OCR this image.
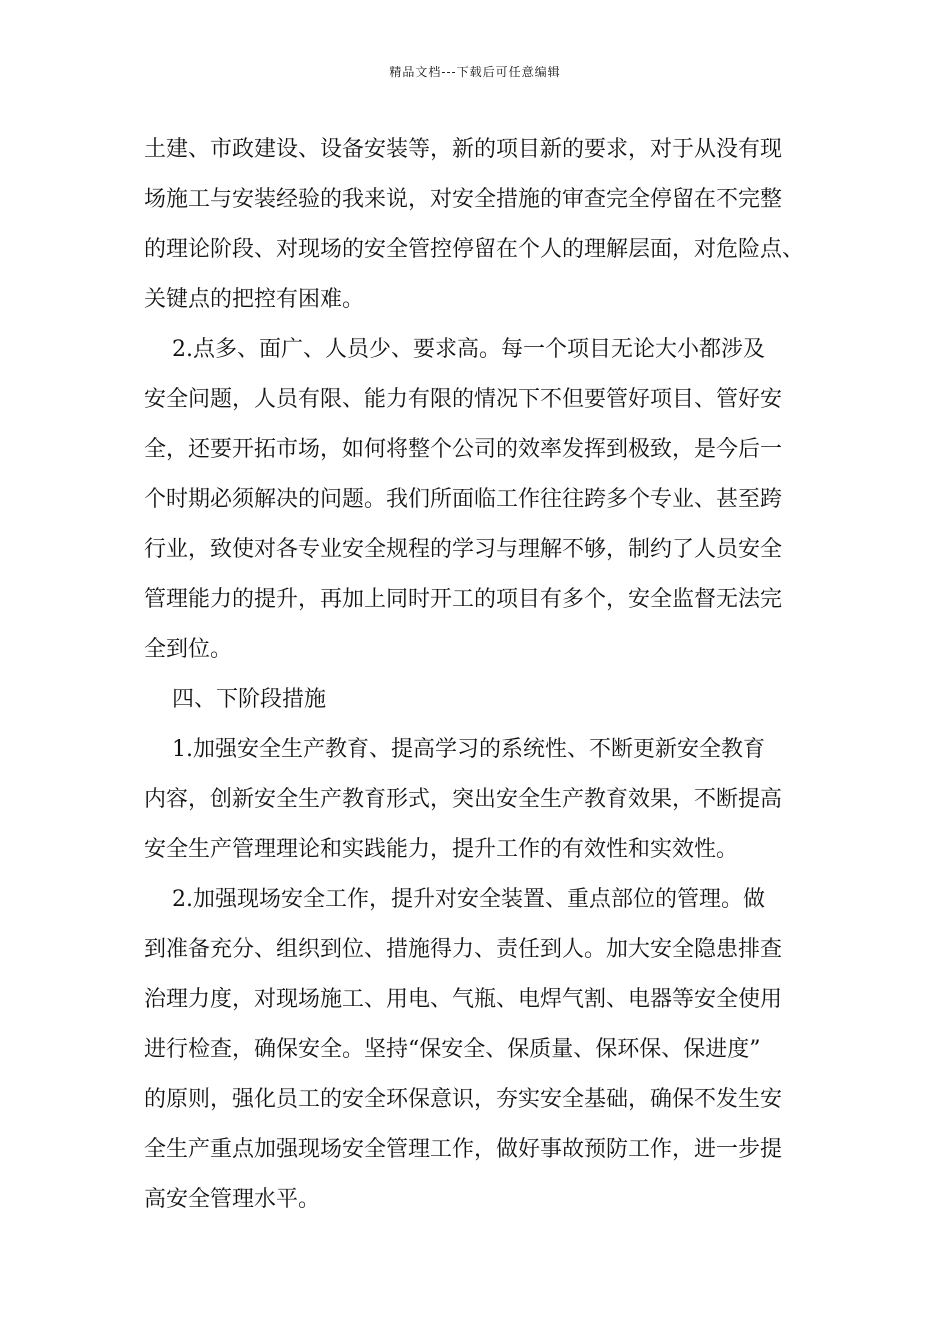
精品文档---下载后可任意编辑
土建、市政建设、设备安装等，新的项目新的要求，对于从没有现
场施工与安装经验的我来说，对安全措施的审查完全停留在不完整
的理论阶段、对现场的安全管控停留在个人的理解层面，对危险点、
关键点的把控有困难。
2.点多、面广、人员少、要求高。每一个项目无论大小都涉及
安全问题，人员有限、能力有限的情况下不但要管好项目、管好安
全，还要开拓市场，如何将整个公司的效率发挥到极致，是今后一
个时期必须解决的问题。我们所面临工作往往跨多个专业、甚至跨
行业，致使对各专业安全规程的学习与理解不够，制约了人员安全
管理能力的提升，再加上同时开工的项目有多个，安全监督无法完
全到位。
四、下阶段措施
1.加强安全生产教育、提高学习的系统性、不断更新安全教育
内容，创新安全生产教育形式，突出安全生产教育效果，不断提高
安全生产管理理论和实践能力，提升工作的有效性和实效性。
2.加强现场安全工作，提升对安全装置、重点部位的管理。做
到准备充分、组织到位、措施得力、责任到人。加大安全隐患排查
治理力度，对现场施工、用电、气瓶、电焊气割、电器等安全使用
进行检查，确保安全。坚持“保安全、保质量、保环保、保进度”
的原则，强化员工的安全环保意识，夯实安全基础，确保不发生安
全生产重点加强现场安全管理工作，做好事故预防工作，进一步提
高安全管理水平。
